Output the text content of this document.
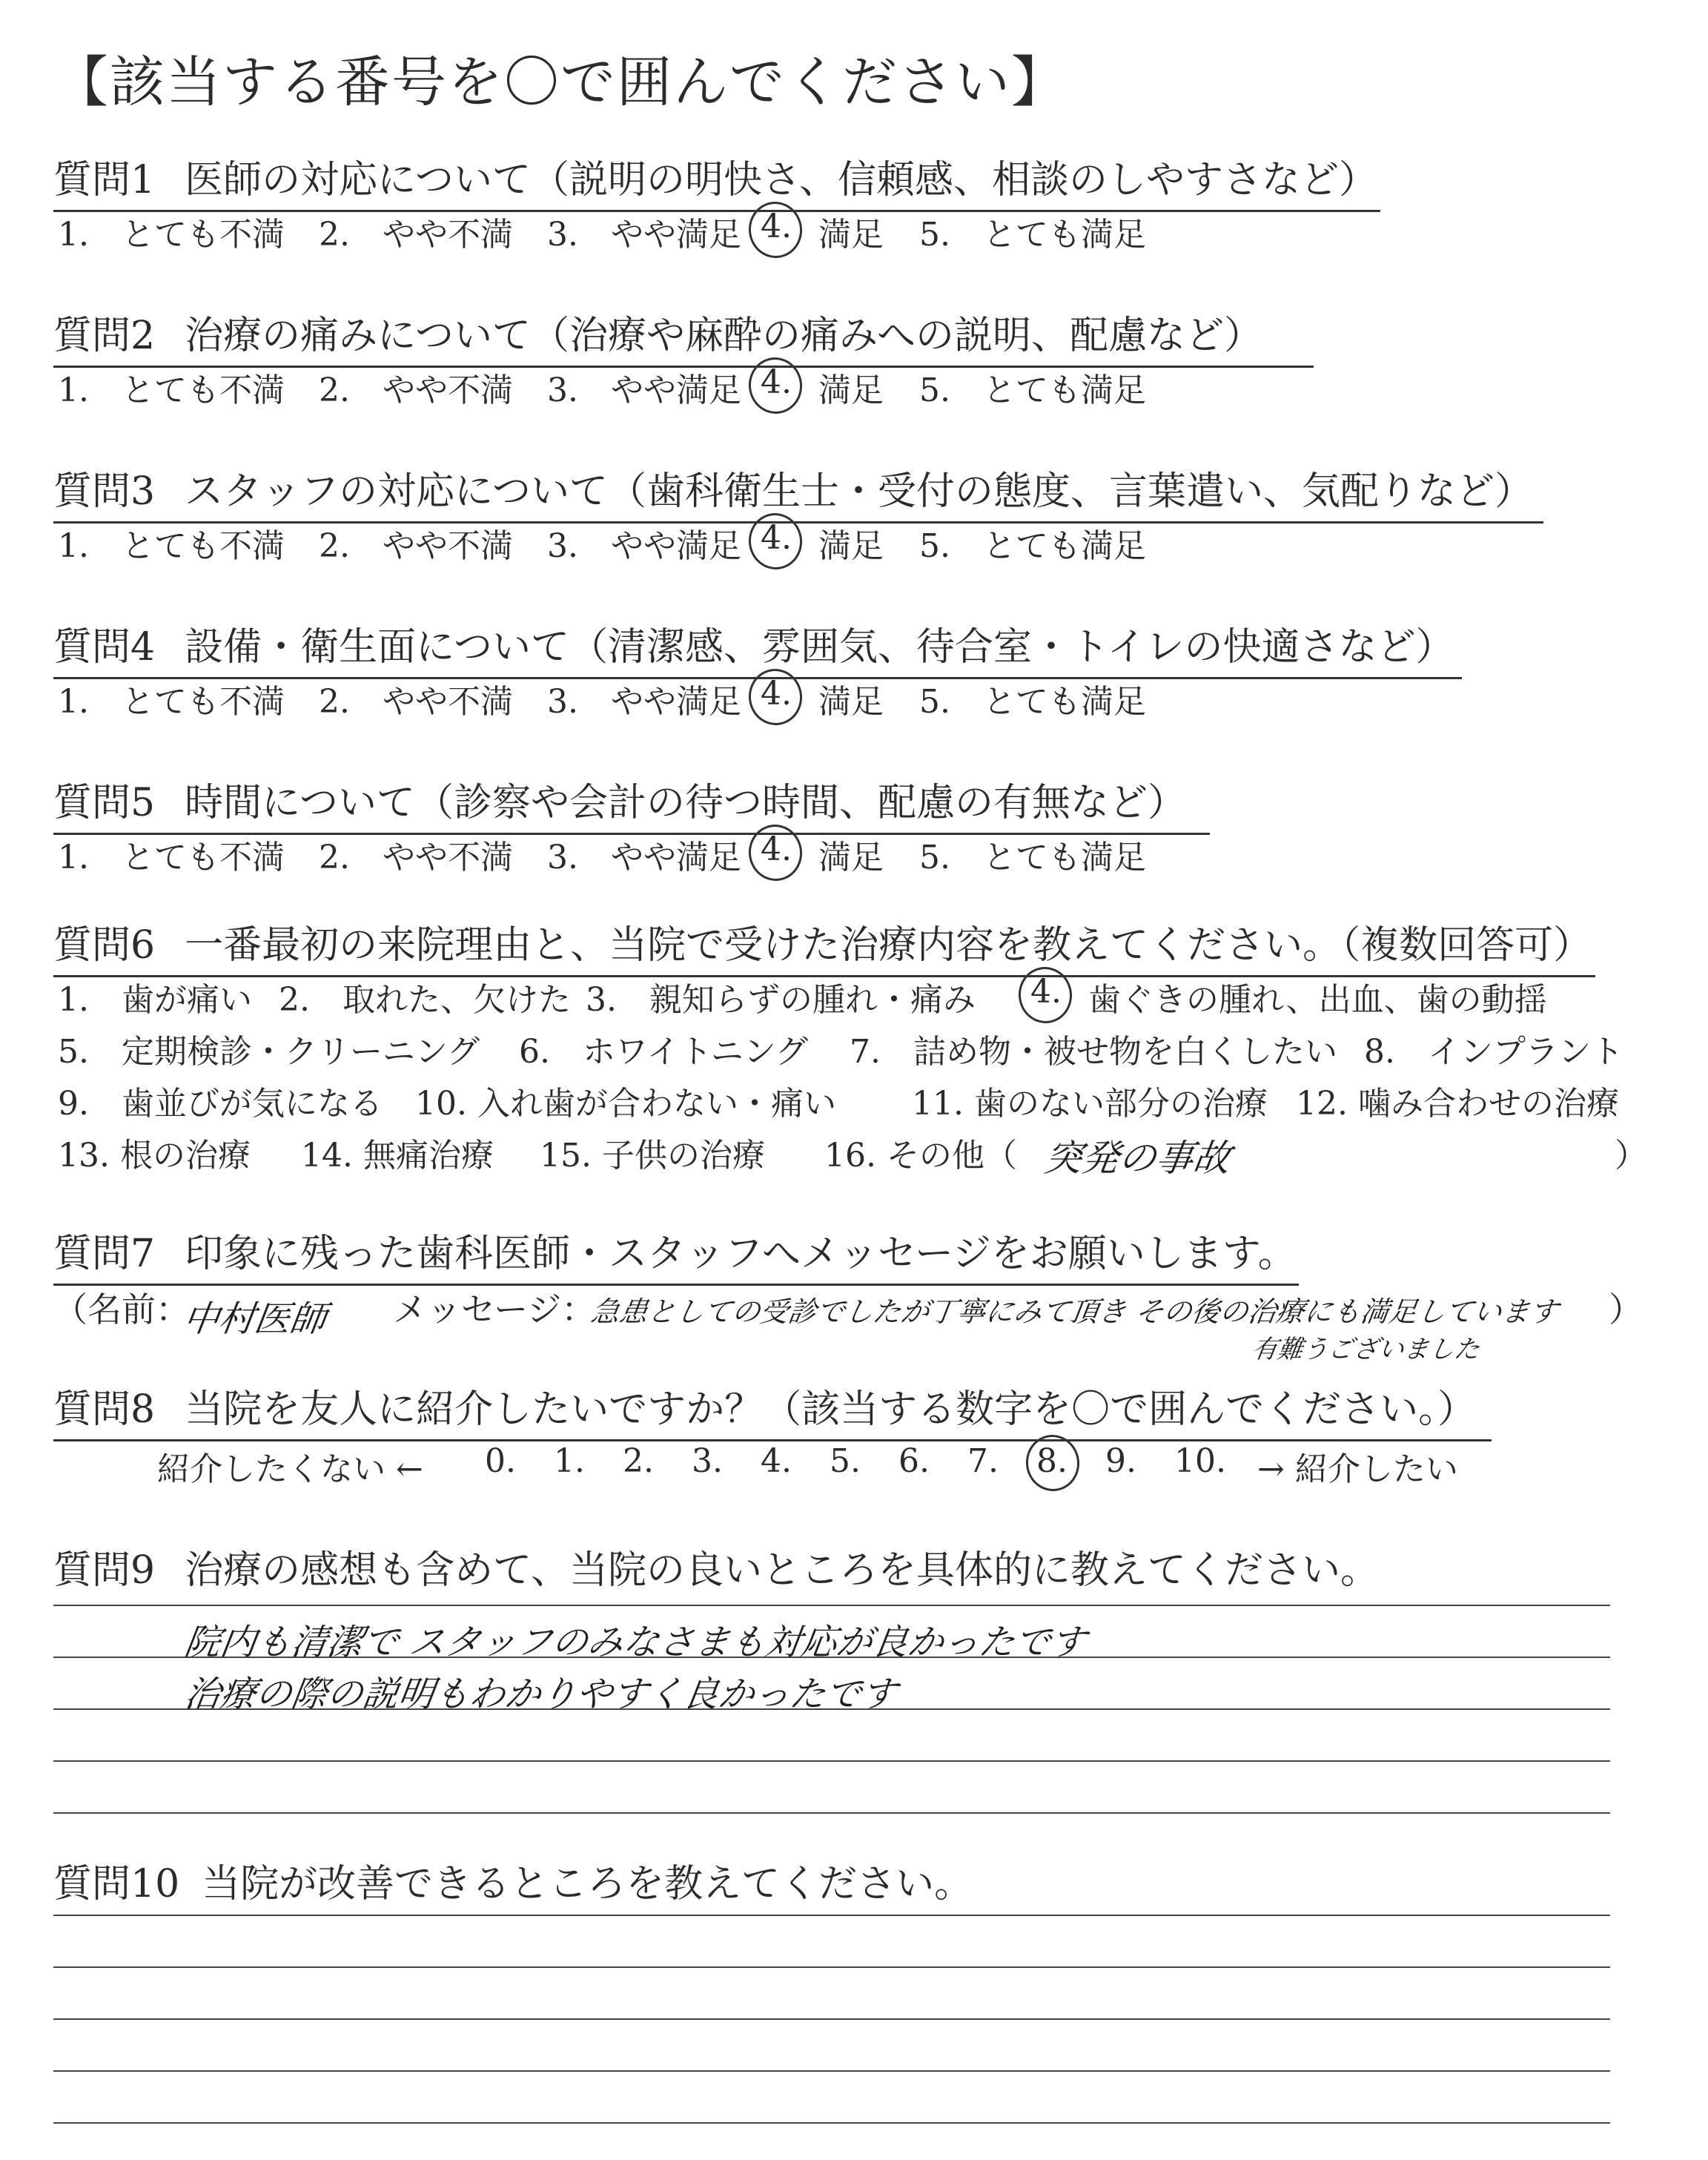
【該当する番号を〇で囲んでください】
質問1 医師の対応について（説明の明快さ、信頼感、相談のしやすさなど）
1.　とても不満 2.　やや不満 3.　やや満足 4. 満足 5.　とても満足
質問2 治療の痛みについて（治療や麻酔の痛みへの説明、配慮など）
1.　とても不満 2.　やや不満 3.　やや満足 4. 満足 5.　とても満足
質問3 スタッフの対応について（歯科衛生士・受付の態度、言葉遣い、気配りなど）
1.　とても不満 2.　やや不満 3.　やや満足 4. 満足 5.　とても満足
質問4 設備・衛生面について（清潔感、雰囲気、待合室・トイレの快適さなど）
1.　とても不満 2.　やや不満 3.　やや満足 4. 満足 5.　とても満足
質問5 時間について（診察や会計の待つ時間、配慮の有無など）
1.　とても不満 2.　やや不満 3.　やや満足 4. 満足 5.　とても満足
質問6 一番最初の来院理由と、当院で受けた治療内容を教えてください。（複数回答可）
1.　歯が痛い 2.　取れた、欠けた 3.　親知らずの腫れ・痛み 4. 歯ぐきの腫れ、出血、歯の動揺
5.　定期検診・クリーニング 6.　ホワイトニング 7.　詰め物・被せ物を白くしたい 8.　インプラント
9.　歯並びが気になる 10. 入れ歯が合わない・痛い 11. 歯のない部分の治療 12. 噛み合わせの治療
13. 根の治療 14. 無痛治療 15. 子供の治療 16. その他（	）
突発の事故
質問7 印象に残った歯科医師・スタッフへメッセージをお願いします。
（名前：
中村医師 メッセージ：
急患としての受診でしたが丁寧にみて頂き その後の治療にも満足しています
有難うございました
）
質問8 当院を友人に紹介したいですか？（該当する数字を〇で囲んでください。）
紹介したくない ← 0. 1. 2. 3. 4. 5. 6. 7. 8. 9. 10. → 紹介したい
質問9 治療の感想も含めて、当院の良いところを具体的に教えてください。
院内も清潔で スタッフのみなさまも対応が良かったです
治療の際の説明もわかりやすく良かったです
質問10 当院が改善できるところを教えてください。
